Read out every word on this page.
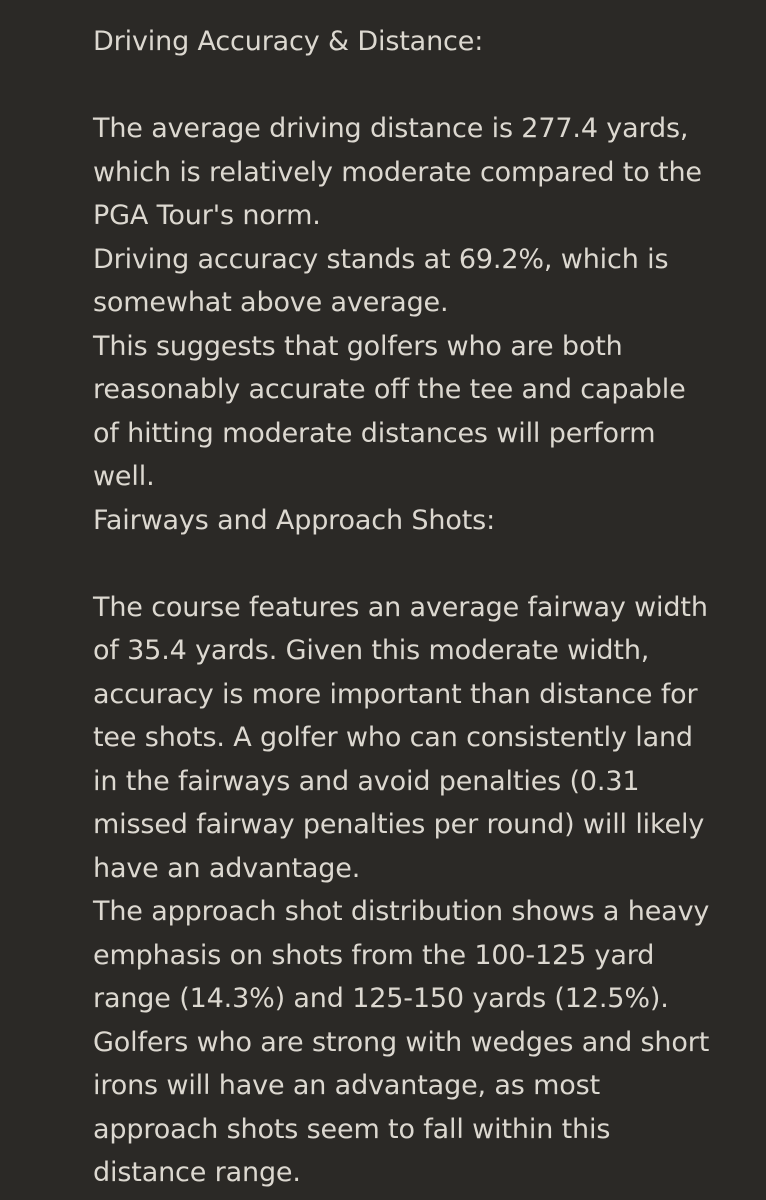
Driving Accuracy & Distance:
The average driving distance is 277.4 yards,
which is relatively moderate compared to the
PGA Tour's norm.
Driving accuracy stands at 69.2%, which is
somewhat above average.
This suggests that golfers who are both
reasonably accurate off the tee and capable
of hitting moderate distances will perform
well.
Fairways and Approach Shots:
The course features an average fairway width
of 35.4 yards. Given this moderate width,
accuracy is more important than distance for
tee shots. A golfer who can consistently land
in the fairways and avoid penalties (0.31
missed fairway penalties per round) will likely
have an advantage.
The approach shot distribution shows a heavy
emphasis on shots from the 100-125 yard
range (14.3%) and 125-150 yards (12.5%).
Golfers who are strong with wedges and short
irons will have an advantage, as most
approach shots seem to fall within this
distance range.
